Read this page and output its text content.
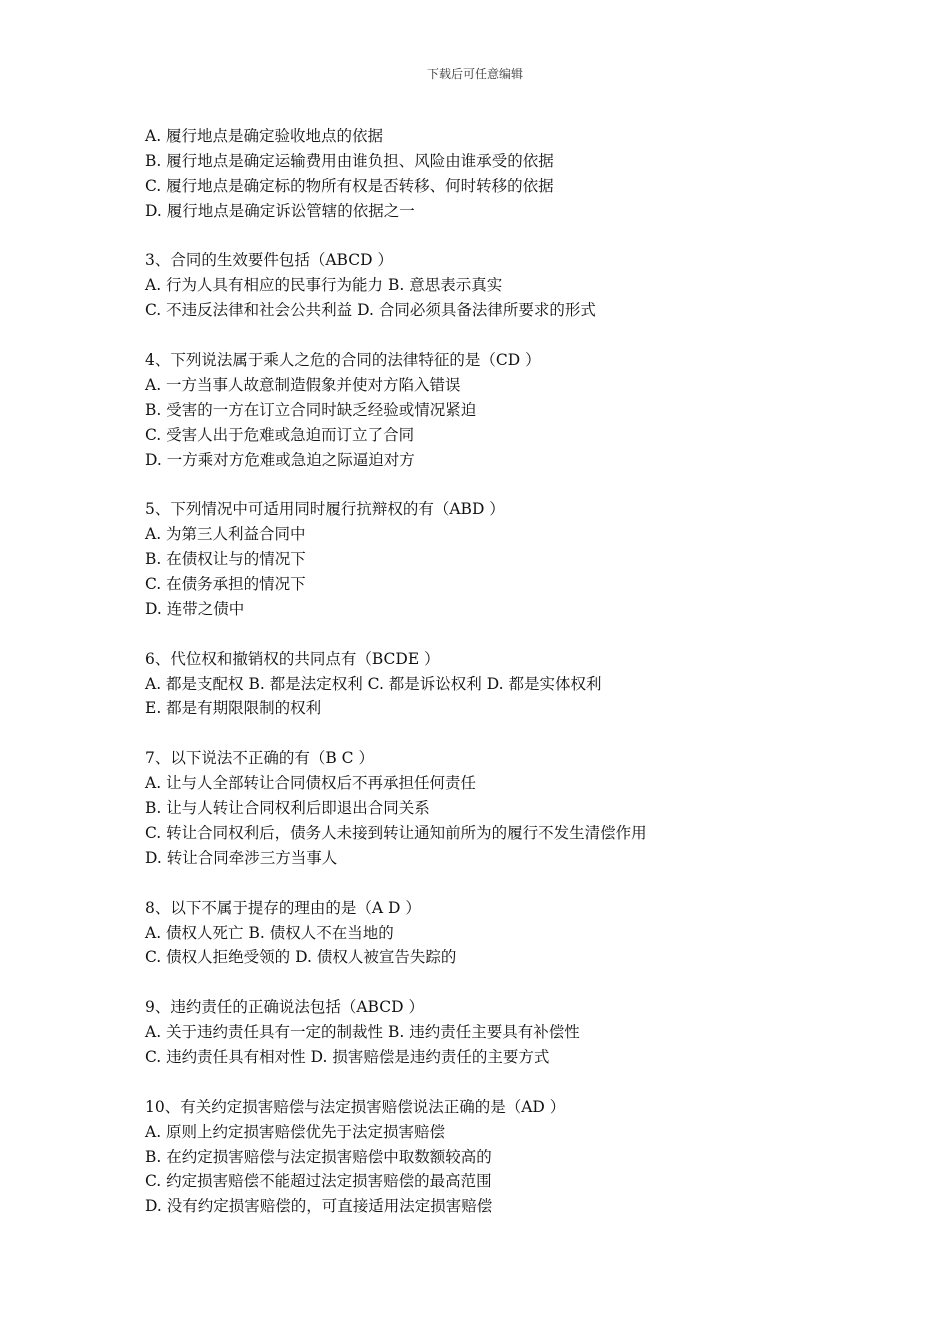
下载后可任意编辑
A. 履行地点是确定验收地点的依据
B. 履行地点是确定运输费用由谁负担、风险由谁承受的依据
C. 履行地点是确定标的物所有权是否转移、何时转移的依据
D. 履行地点是确定诉讼管辖的依据之一
3、合同的生效要件包括（ABCD ）
A. 行为人具有相应的民事行为能力 B. 意思表示真实
C. 不违反法律和社会公共利益 D. 合同必须具备法律所要求的形式
4、下列说法属于乘人之危的合同的法律特征的是（CD ）
A. 一方当事人故意制造假象并使对方陷入错误
B. 受害的一方在订立合同时缺乏经验或情况紧迫
C. 受害人出于危难或急迫而订立了合同
D. 一方乘对方危难或急迫之际逼迫对方
5、下列情况中可适用同时履行抗辩权的有（ABD ）
A. 为第三人利益合同中
B. 在债权让与的情况下
C. 在债务承担的情况下
D. 连带之债中
6、代位权和撤销权的共同点有（BCDE ）
A. 都是支配权 B. 都是法定权利 C. 都是诉讼权利 D. 都是实体权利
E. 都是有期限限制的权利
7、以下说法不正确的有（B C ）
A. 让与人全部转让合同债权后不再承担任何责任
B. 让与人转让合同权利后即退出合同关系
C. 转让合同权利后，债务人未接到转让通知前所为的履行不发生清偿作用
D. 转让合同牵涉三方当事人
8、以下不属于提存的理由的是（A D ）
A. 债权人死亡 B. 债权人不在当地的
C. 债权人拒绝受领的 D. 债权人被宣告失踪的
9、违约责任的正确说法包括（ABCD ）
A. 关于违约责任具有一定的制裁性 B. 违约责任主要具有补偿性
C. 违约责任具有相对性 D. 损害赔偿是违约责任的主要方式
10、有关约定损害赔偿与法定损害赔偿说法正确的是（AD ）
A. 原则上约定损害赔偿优先于法定损害赔偿
B. 在约定损害赔偿与法定损害赔偿中取数额较高的
C. 约定损害赔偿不能超过法定损害赔偿的最高范围
D. 没有约定损害赔偿的，可直接适用法定损害赔偿
